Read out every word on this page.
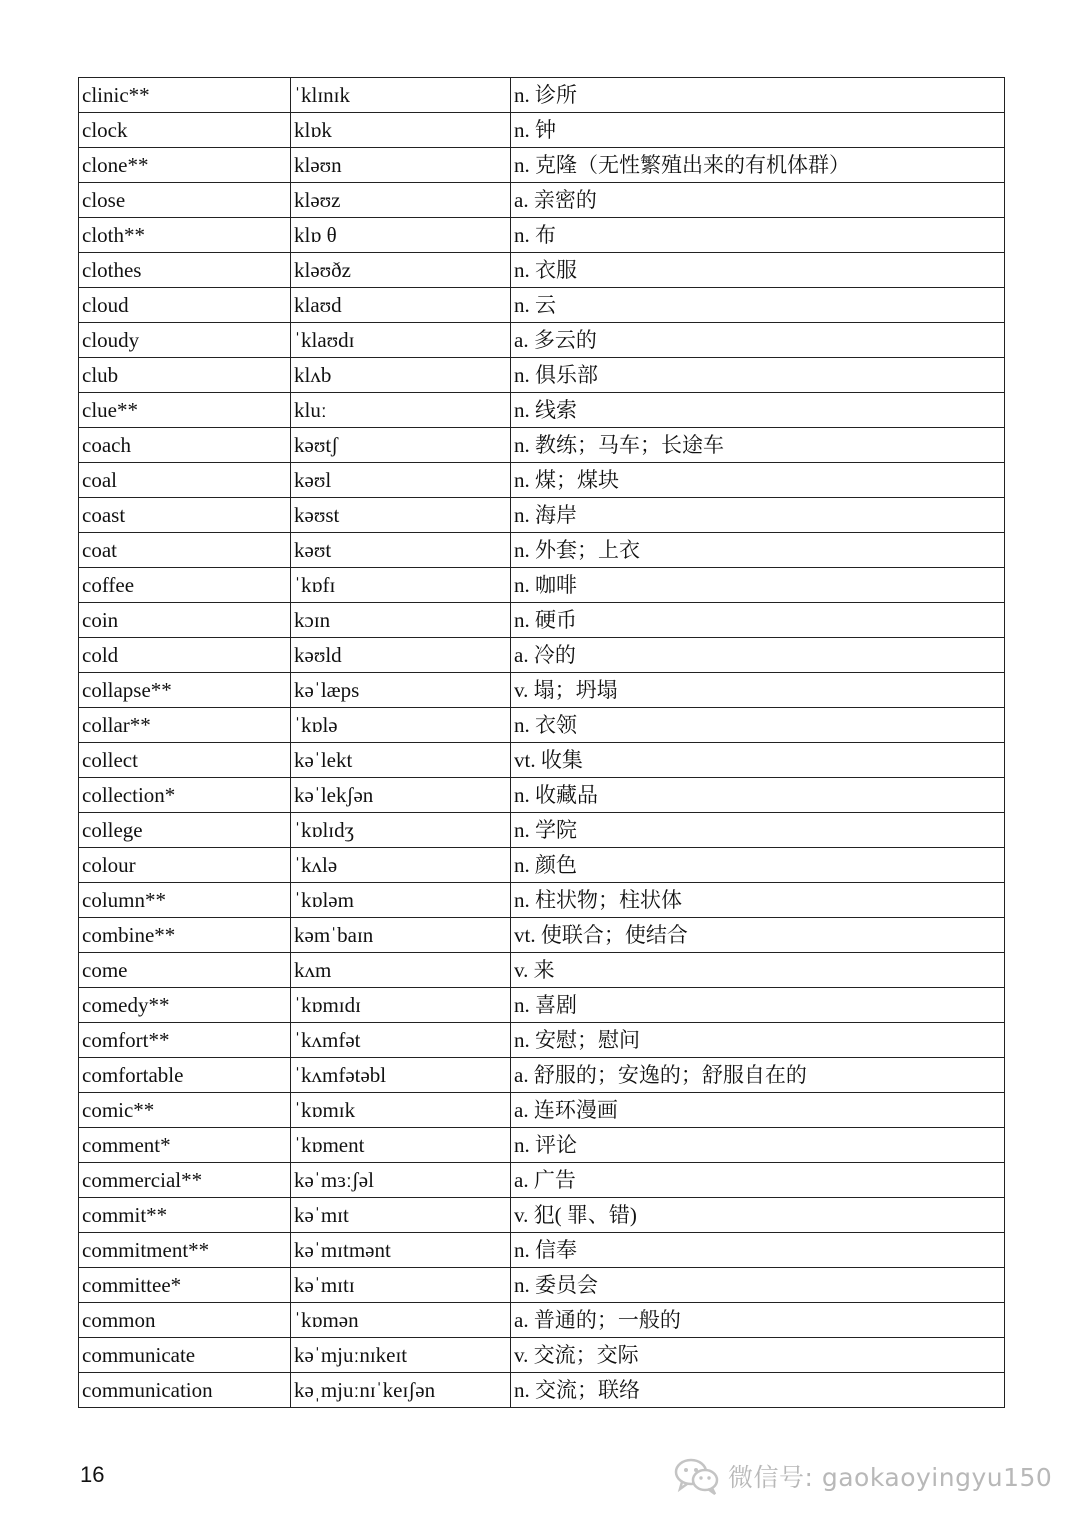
clinic**	ˈklɪnɪk	n. 诊所
clock	klɒk	n. 钟
clone**	kləʊn	n. 克隆（无性繁殖出来的有机体群）
close	kləʊz	a. 亲密的
cloth**	klɒ θ	n. 布
clothes	kləʊðz	n. 衣服
cloud	klaʊd	n. 云
cloudy	ˈklaʊdɪ	a. 多云的
club	klʌb	n. 俱乐部
clue**	kluː	n. 线索
coach	kəʊtʃ	n. 教练；马车；长途车
coal	kəʊl	n. 煤；煤块
coast	kəʊst	n. 海岸
coat	kəʊt	n. 外套；上衣
coffee	ˈkɒfɪ	n. 咖啡
coin	kɔɪn	n. 硬币
cold	kəʊld	a. 冷的
collapse**	kəˈlæps	v. 塌；坍塌
collar**	ˈkɒlə	n. 衣领
collect	kəˈlekt	vt. 收集
collection*	kəˈlekʃən	n. 收藏品
college	ˈkɒlɪdʒ	n. 学院
colour	ˈkʌlə	n. 颜色
column**	ˈkɒləm	n. 柱状物；柱状体
combine**	kəmˈbaɪn	vt. 使联合；使结合
come	kʌm	v. 来
comedy**	ˈkɒmɪdɪ	n. 喜剧
comfort**	ˈkʌmfət	n. 安慰；慰问
comfortable	ˈkʌmfətəbl	a. 舒服的；安逸的；舒服自在的
comic**	ˈkɒmɪk	a. 连环漫画
comment*	ˈkɒment	n. 评论
commercial**	kəˈmɜːʃəl	a. 广告
commit**	kəˈmɪt	v. 犯( 罪、错)
commitment**	kəˈmɪtmənt	n. 信奉
committee*	kəˈmɪtɪ	n. 委员会
common	ˈkɒmən	a. 普通的；一般的
communicate	kəˈmjuːnɪkeɪt	v. 交流；交际
communication	kəˌmjuːnɪˈkeɪʃən	n. 交流；联络
16	微信号: gaokaoyingyu150
